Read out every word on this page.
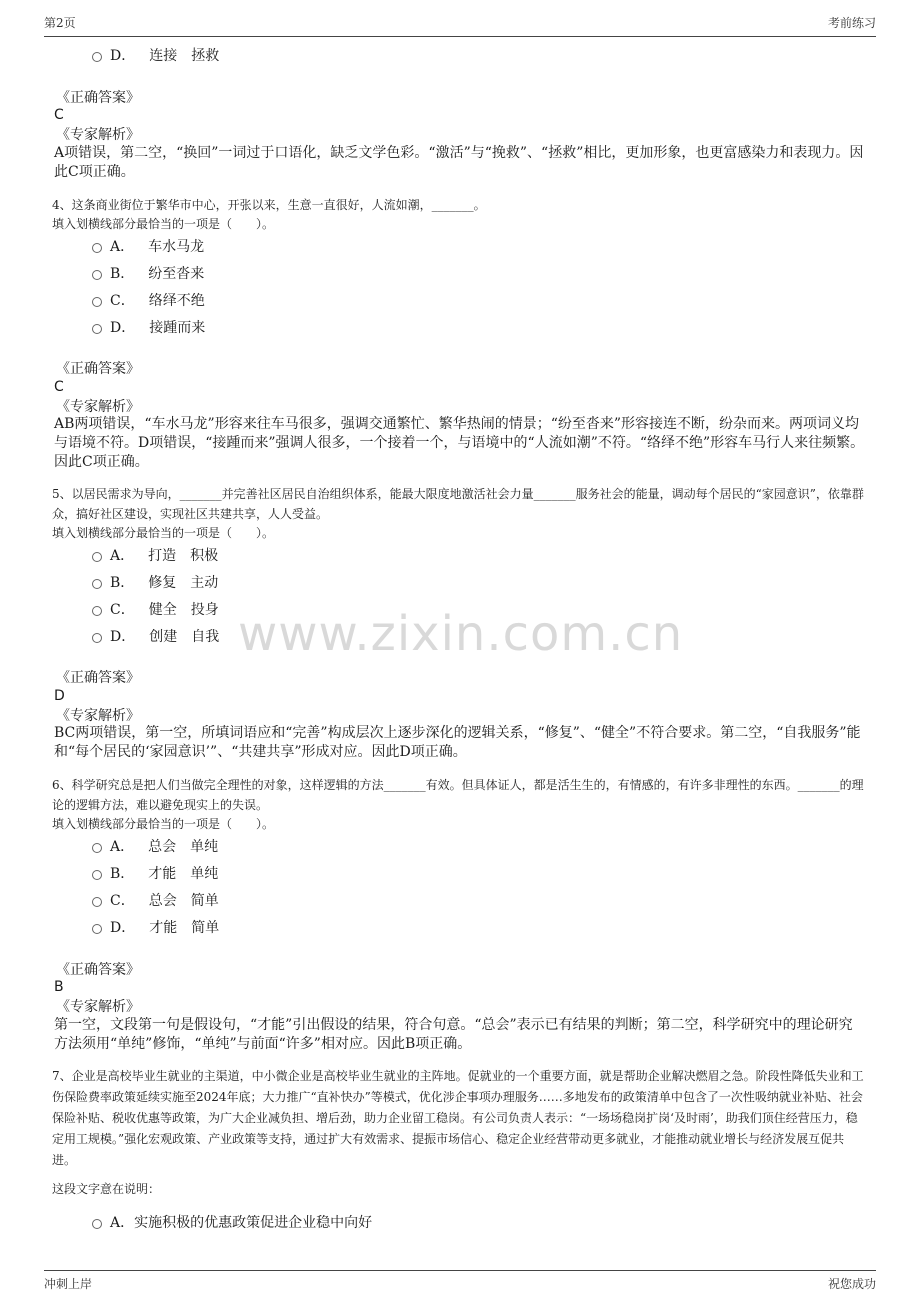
第2页	考前练习
www.zixin.com.cn
D． 连接 拯救
《正确答案》
C
《专家解析》
A项错误，第二空，“换回”一词过于口语化，缺乏文学色彩。“激活”与“挽救”、“拯救”相比，更加形象，也更富感染力和表现力。因此C项正确。
4、这条商业街位于繁华市中心，开张以来，生意一直很好，人流如潮，_______。
填入划横线部分最恰当的一项是（　　）。
A． 车水马龙
B． 纷至沓来
C． 络绎不绝
D． 接踵而来
《正确答案》
C
《专家解析》
AB两项错误，“车水马龙”形容来往车马很多，强调交通繁忙、繁华热闹的情景；“纷至沓来”形容接连不断，纷杂而来。两项词义均与语境不符。D项错误，“接踵而来”强调人很多，一个接着一个，与语境中的“人流如潮”不符。“络绎不绝”形容车马行人来往频繁。因此C项正确。
5、以居民需求为导向，_______并完善社区居民自治组织体系，能最大限度地激活社会力量_______服务社会的能量，调动每个居民的“家园意识”，依靠群众，搞好社区建设，实现社区共建共享，人人受益。
填入划横线部分最恰当的一项是（　　）。
A． 打造 积极
B． 修复 主动
C． 健全 投身
D． 创建 自我
《正确答案》
D
《专家解析》
BC两项错误，第一空，所填词语应和“完善”构成层次上逐步深化的逻辑关系，“修复”、“健全”不符合要求。第二空，“自我服务”能和“每个居民的‘家园意识’”、“共建共享”形成对应。因此D项正确。
6、科学研究总是把人们当做完全理性的对象，这样逻辑的方法_______有效。但具体证人，都是活生生的，有情感的，有许多非理性的东西。_______的理论的逻辑方法，难以避免现实上的失误。
填入划横线部分最恰当的一项是（　　）。
A． 总会 单纯
B． 才能 单纯
C． 总会 简单
D． 才能 简单
《正确答案》
B
《专家解析》
第一空，文段第一句是假设句，“才能”引出假设的结果，符合句意。“总会”表示已有结果的判断；第二空，科学研究中的理论研究方法须用“单纯”修饰，“单纯”与前面“许多”相对应。因此B项正确。
7、企业是高校毕业生就业的主渠道，中小微企业是高校毕业生就业的主阵地。促就业的一个重要方面，就是帮助企业解决燃眉之急。阶段性降低失业和工伤保险费率政策延续实施至2024年底；大力推广“直补快办”等模式，优化涉企事项办理服务……多地发布的政策清单中包含了一次性吸纳就业补贴、社会保险补贴、税收优惠等政策，为广大企业减负担、增后劲，助力企业留工稳岗。有公司负责人表示：“一场场稳岗扩岗‘及时雨’，助我们顶住经营压力，稳定用工规模。”强化宏观政策、产业政策等支持，通过扩大有效需求、提振市场信心、稳定企业经营带动更多就业，才能推动就业增长与经济发展互促共进。
这段文字意在说明：
A． 实施积极的优惠政策促进企业稳中向好
冲刺上岸	祝您成功
